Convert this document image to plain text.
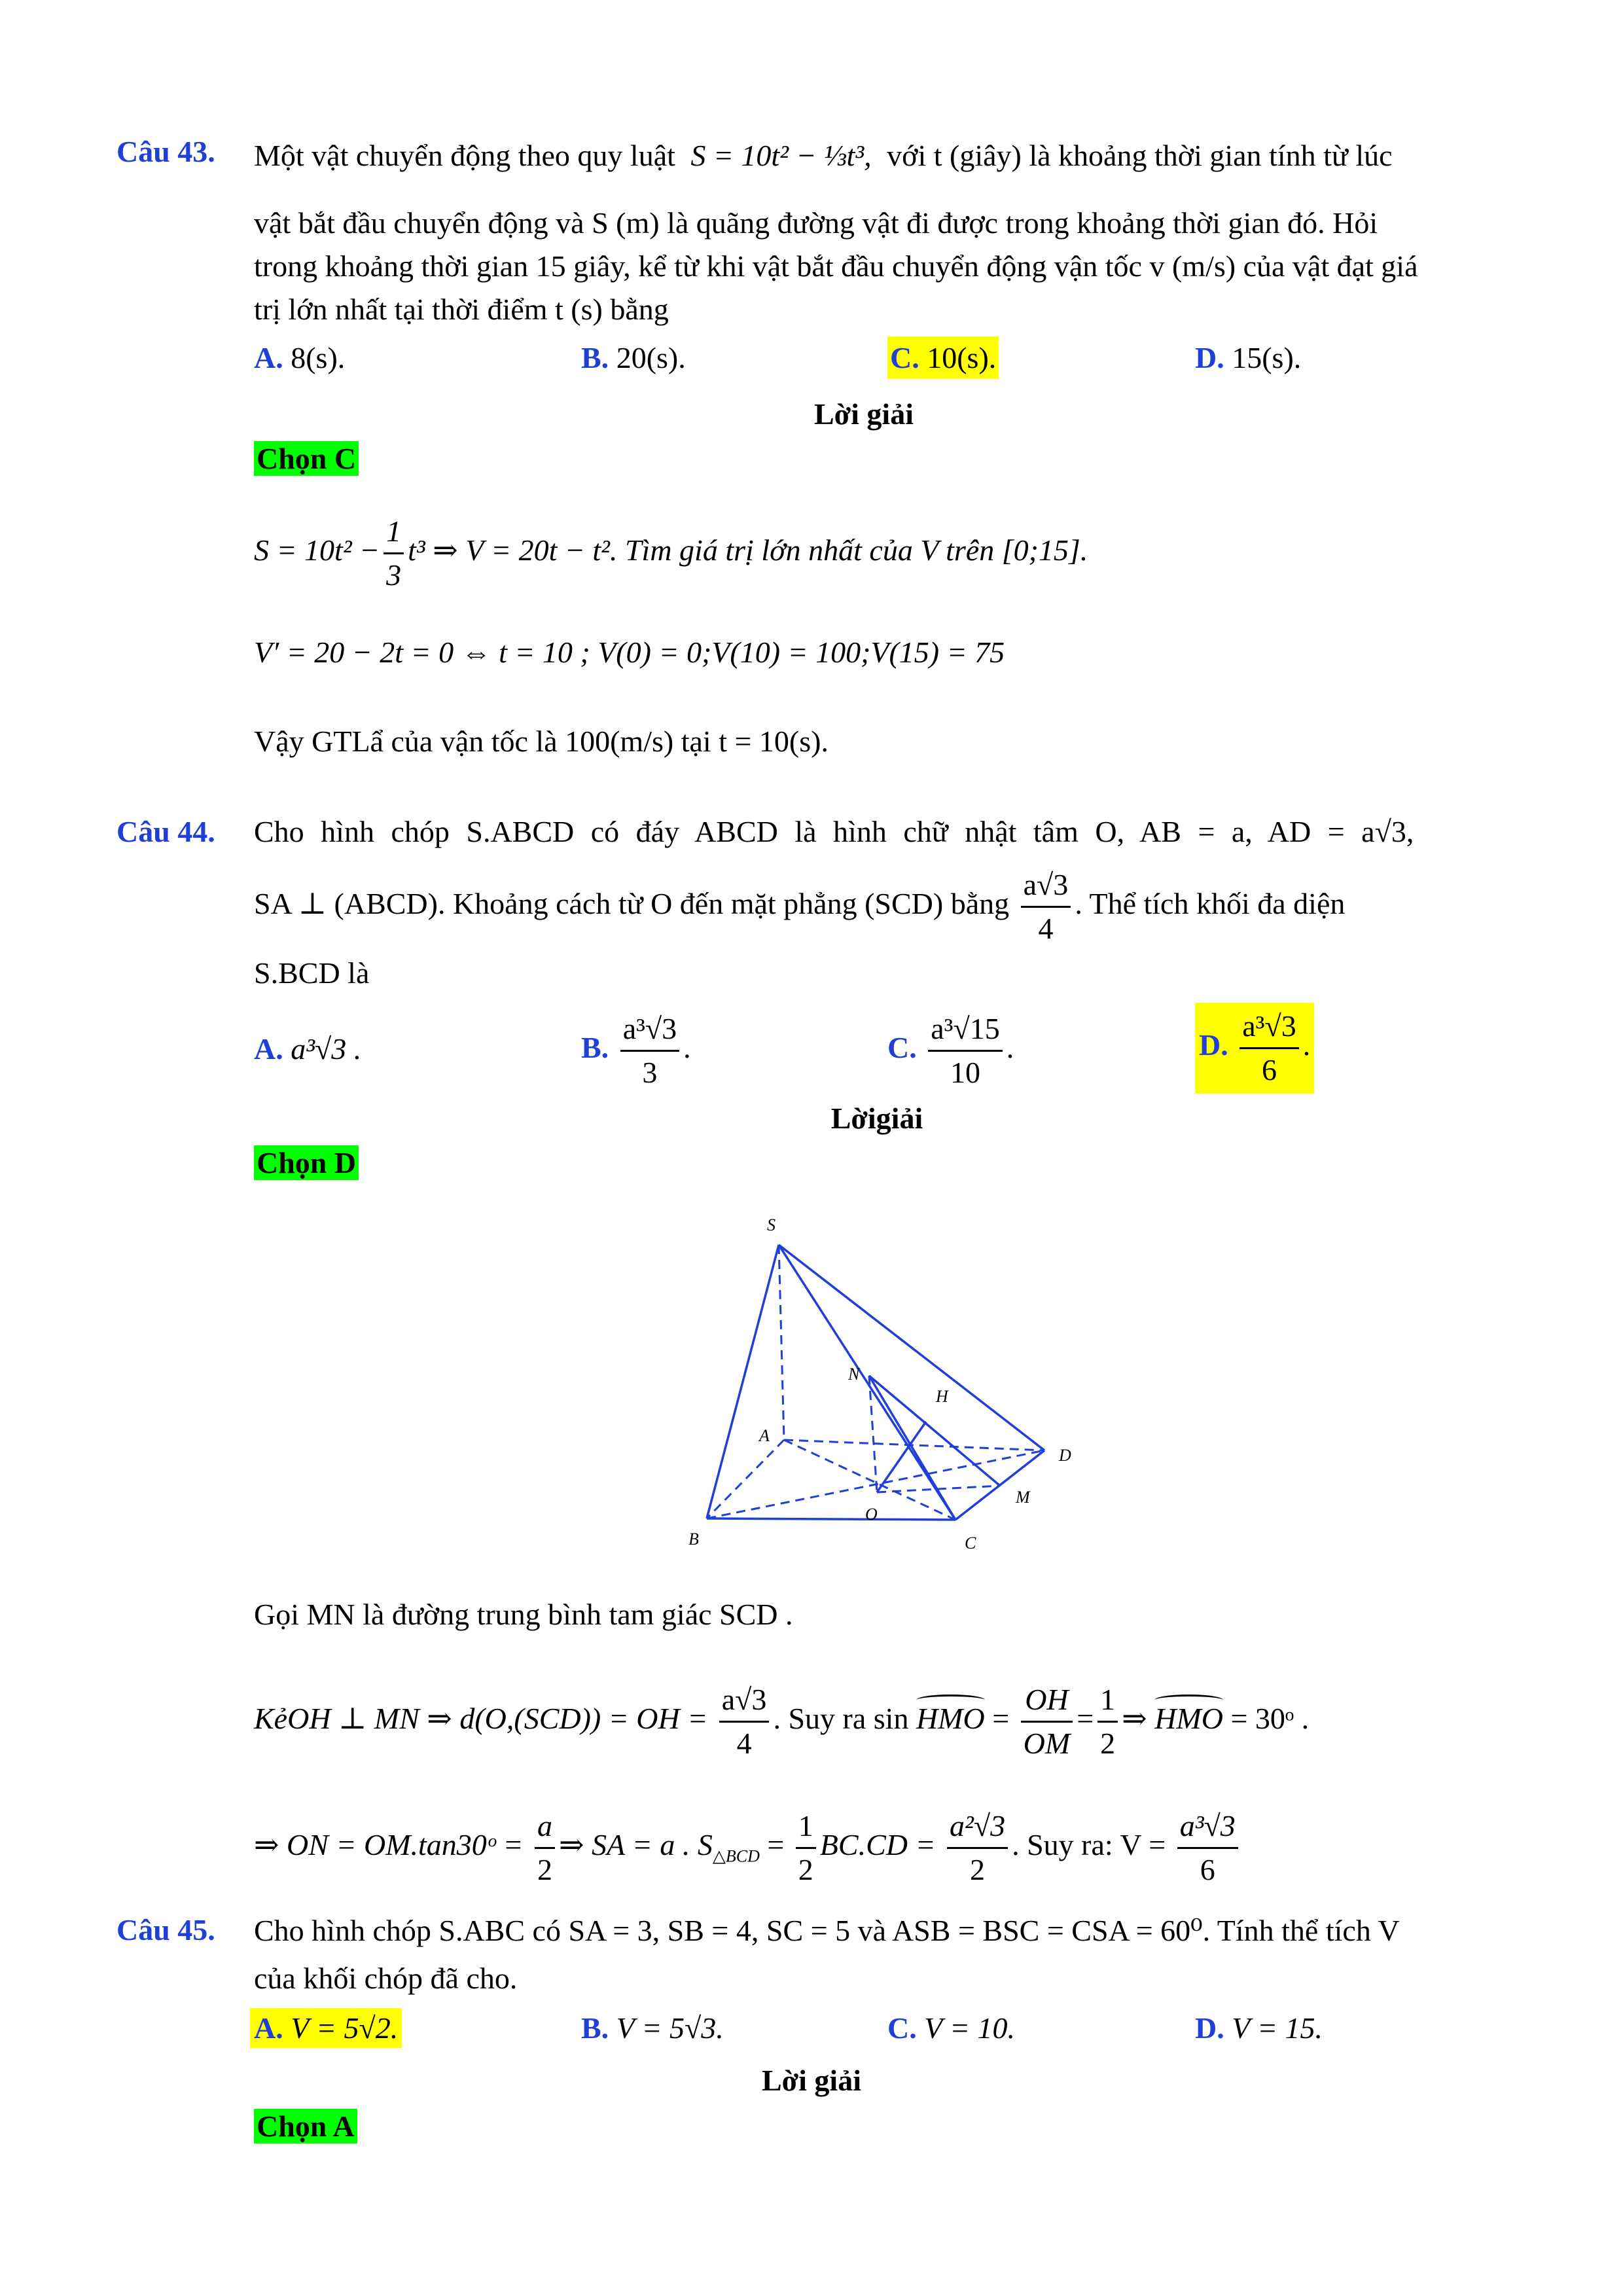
Câu 43. Một vật chuyển động theo quy luật S = 10t² − ⅓t³, với t (giây) là khoảng thời gian tính từ lúc
vật bắt đầu chuyển động và S (m) là quãng đường vật đi được trong khoảng thời gian đó. Hỏi
trong khoảng thời gian 15 giây, kể từ khi vật bắt đầu chuyển động vận tốc v (m/s) của vật đạt giá
trị lớn nhất tại thời điểm t (s) bằng
A. 8(s).	B. 20(s).	C. 10(s).	D. 15(s).
Lời giải
Chọn C
$S = 10t^2 - \frac{1}{3} t^3$ ⇒ V = 20t − t². Tìm giá trị lớn nhất của V trên [0;15].
V′ = 20 − 2t = 0 ⇔ t = 10 ; V(0) = 0;V(10) = 100;V(15) = 75
Vậy GTLẩ của vận tốc là 100(m/s) tại t = 10(s).
Câu 44. Cho hình chóp S.ABCD có đáy ABCD là hình chữ nhật tâm O, AB = a, AD = a√3,
SA ⊥ (ABCD). Khoảng cách từ O đến mặt phẳng (SCD) bằng $\frac{a√3}{4}$ . Thể tích khối đa diện
S.BCD là
A. a³√3 .	B. $\frac{\text{a³√3}}{3}$ .	C. $\frac{\text{a³√15}}{10}$ .	D. $\frac{\text{a³√3}}{6}$ .
Lờigiải
Chọn D
S
A
B	C
D
O
M
N
H
Gọi MN là đường trung bình tam giác SCD .
KẻOH ⊥ MN ⇒ d(O,(SCD)) = OH = $\frac{a√3}{4}$ . Suy ra sin HMO = $\frac{OH}{OM} = \frac{1}{2}$ ⇒ HMO = 30ᵒ .
⇒ ON = OM.tan30ᵒ = $\frac{a}{2}$ ⇒ SA = a . $S_{\triangle BCD} = \frac{1}{2} BC.CD = \frac{\text{a²√3}}{2}$ . Suy ra: $V = \frac{\text{a³√3}}{6}$
Câu 45. Cho hình chóp S.ABC có SA = 3, SB = 4, SC = 5 và ASB = BSC = CSA = 60⁰. Tính thể tích V
của khối chóp đã cho.
A. V = 5√2.	B. V = 5√3.	C. V = 10.	D. V = 15.
Lời giải
Chọn A
